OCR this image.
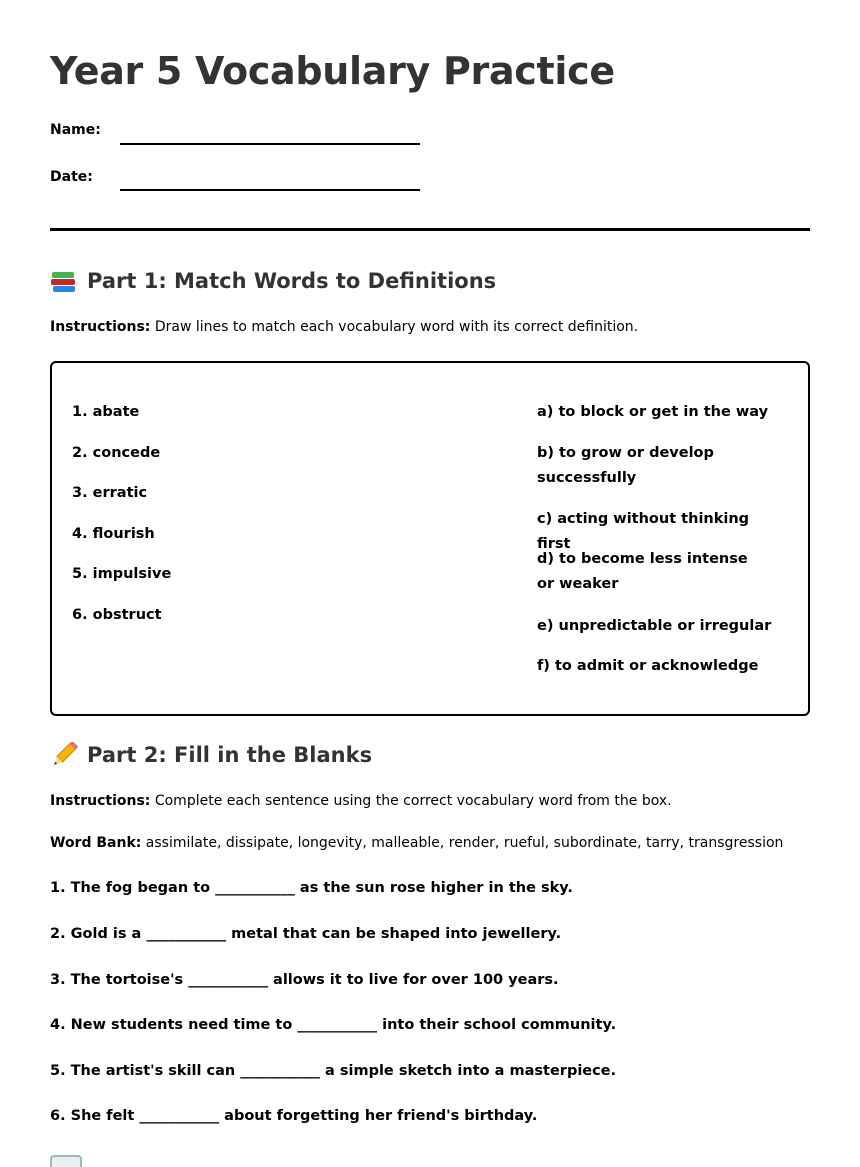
Year 5 Vocabulary Practice
Name:
Date:
Part 1: Match Words to Definitions
Instructions: Draw lines to match each vocabulary word with its correct definition.
1. abate
2. concede
3. erratic
4. flourish
5. impulsive
6. obstruct
a) to block or get in the way
b) to grow or develop successfully
c) acting without thinking first
d) to become less intense or weaker
e) unpredictable or irregular
f) to admit or acknowledge
Part 2: Fill in the Blanks
Instructions: Complete each sentence using the correct vocabulary word from the box.
Word Bank: assimilate, dissipate, longevity, malleable, render, rueful, subordinate, tarry, transgression
1. The fog began to ___________ as the sun rose higher in the sky.
2. Gold is a ___________ metal that can be shaped into jewellery.
3. The tortoise's ___________ allows it to live for over 100 years.
4. New students need time to ___________ into their school community.
5. The artist's skill can ___________ a simple sketch into a masterpiece.
6. She felt ___________ about forgetting her friend's birthday.
